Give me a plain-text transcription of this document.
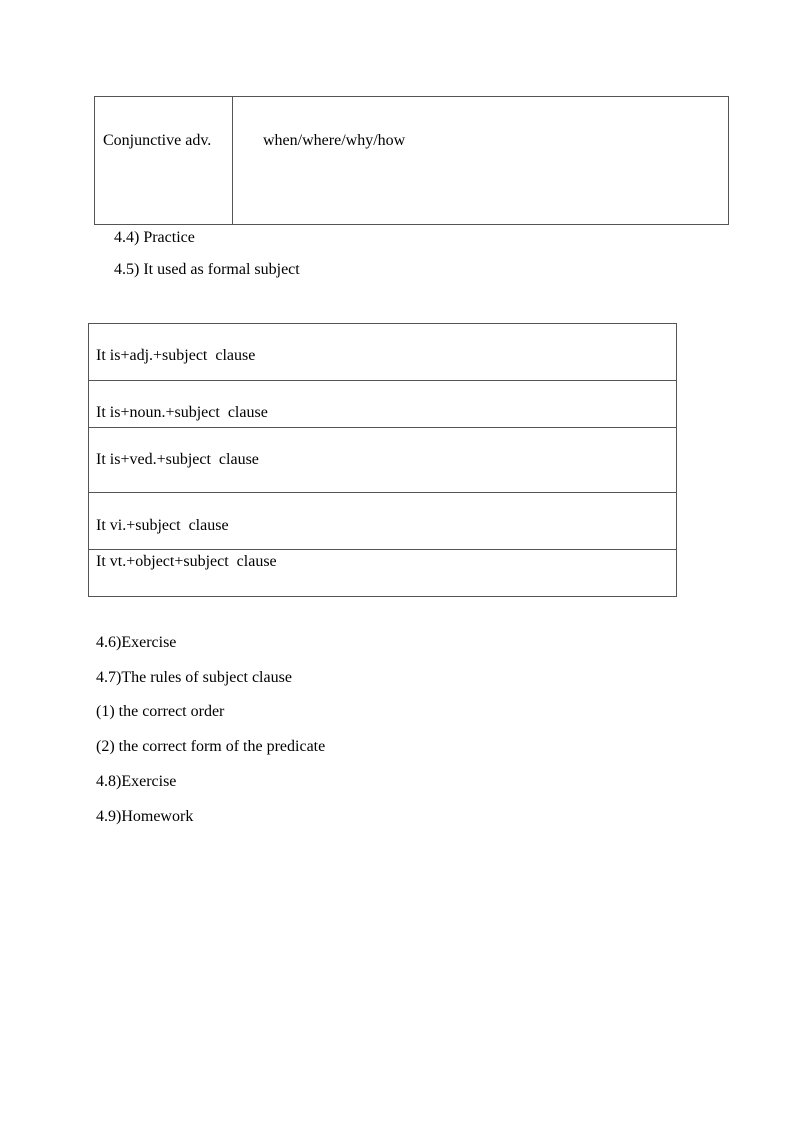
Conjunctive adv.	when/where/why/how
4.4) Practice
4.5) It used as formal subject
It is+adj.+subject  clause
It is+noun.+subject  clause
It is+ved.+subject  clause
It vi.+subject  clause
It vt.+object+subject  clause
4.6)Exercise
4.7)The rules of subject clause
(1) the correct order
(2) the correct form of the predicate
4.8)Exercise
4.9)Homework
